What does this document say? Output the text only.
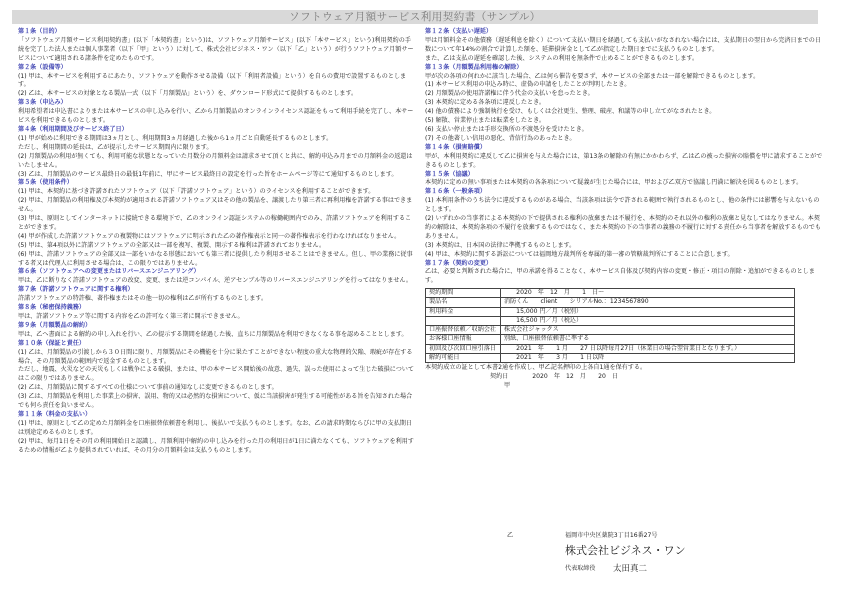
ソフトウェア月額サービス利用契約書（サンプル）
第１条（目的）
「ソフトウェア月額サービス利用契約書」(以下「本契約書」という)は、ソフトウェア月額サービス」(以下「本サービス」という)利用契約の手続を完了した法人または個人事業者（以下「甲」という）に対して、株式会社ビジネス・ワン（以下「乙」という）が行うソフトウェア月額サービスについて適用される諸条件を定めたものです。
第２条（設備等）
(1) 甲は、本サービスを利用するにあたり、ソフトウェアを動作させる設備（以下「利用者設備」という）を自らの費用で設置するものとします。
(2) 乙は、本サービスの対象となる製品一式（以下「月額製品」という）を、ダウンロード形式にて提供するものとします。
第３条（申込み）
利用希望者は申込書によりまたは本サービスの申し込みを行い、乙から月額製品のオンラインライセンス認証をもって利用手続を完了し、本サービスを利用できるものとします。
第４条（利用期間及びサービス終了日）
(1) 甲が始めに利用できる期間は3ヵ月とし、利用期間3ヵ月経過した後から1ヵ月ごと自動延長するものとします。
ただし、利用期間の延長は、乙が提示したサービス期間内に限ります。
(2) 月額製品の利用が無くても、利用可能な状態となっていた月数分の月額料金は請求させて頂くと共に、解約申込み月までの月額料金の返還はいたしません。
(3) 乙は、月額製品のサービス最終日の最低1年前に、甲にサービス最終日の設定を行った旨をホームページ等にて通知するものとします。
第５条（使用条件）
(1) 甲は、本契約に基づき許諾されたソフトウェア（以下「許諾ソフトウェア」という）のライセンスを利用することができます。
(2) 甲は、月額製品の利用権及び本契約が適用される許諾ソフトウェア又はその他の製品を、譲渡したり第三者に再利用権を許諾する事はできません。
(3) 甲は、原則としてインターネットに接続できる環境下で、乙のオンライン認証システムの稼働範囲内でのみ、許諾ソフトウェアを利用することができます。
(4) 甲が作成した許諾ソフトウェアの複製物にはソフトウェアに明示された乙の著作権表示と同一の著作権表示を行わなければなりません。
(5) 甲は、第4項以外に許諾ソフトウェアの全部又は一部を複写、複製、開示する権利は許諾されておりません。
(6) 甲は、許諾ソフトウェアの全部又は一部をいかなる形態においても第三者に提供したり利用させることはできません。但し、甲の業務に従事する者又は代理人に利用させる場合は、この限りではありません。
第６条（ソフトウェアへの変更またはリバースエンジニアリング）
甲は、乙に断りなく許諾ソフトウェアの改変、変更、または逆コンパイル、逆アセンブル等のリバースエンジニアリングを行ってはなりません。
第７条（許諾ソフトウェアに関する権利）
許諾ソフトウェアの特許権、著作権またはその他一切の権利は乙が所有するものとします。
第８条（秘密保持義務）
甲は、許諾ソフトウェア等に関する内容を乙の許可なく第三者に開示できません。
第９条（月額製品の解約）
甲は、乙へ書面による解約の申し入れを行い、乙の提示する期間を経過した後、直ちに月額製品を利用できなくなる事を認めることとします。
第１０条（保証と責任）
(1) 乙は、月額製品の引渡しから３０日間に限り、月額製品にその機能を十分に果たすことができない程度の重大な物理的欠陥、瑕疵が存在する場合、その月額製品の範囲内で返金するものとします。
ただし、地震、火災などの天災もしくは戦争による破損、または、甲の本サービス開始後の故意、過失、誤った使用によって生じた破損についてはこの限りではありません。
(2) 乙は、月額製品に関するすべての仕様について事前の通知なしに変更できるものとします。
(3) 乙は、月額製品を利用した事業上の損害、誤用、物的又は必然的な損害について、仮に当該損害が発生する可能性がある旨を告知された場合でも何ら責任を負いません。
第１１条（料金の支払い）
(1) 甲は、原則として乙の定めた月額料金を口座振替依頼書を利用し、後払いで支払うものとします。なお、乙の請求時期ならびに甲の支払期日は別途定めるものとします。
(2) 甲は、毎月1日をその月の利用開始日と認識し、月額利用中解約の申し込みを行った月の利用日が1日に満たなくても、ソフトウェアを利用するための情報が乙より提供されていれば、その月分の月額料金は支払うものとします。
第１２条（支払い遅延）
甲は月額料金その他債務（遅延利息を除く）について支払い期日を経過しても支払いがなされない場合には、支払期日の翌日から完済日までの日数について年14%の割合で計算した額を、延滞損害金として乙が指定した期日までに支払うものとします。
また、乙は支払の遅延を確認した後、システムの利用を無条件で止めることができるものとします。
第１３条（月額製品利用権の解除）
甲が次の各項の何れかに該当した場合、乙は何ら催告を要さず、本サービスの全部または一部を解除できるものとします。
(1) 本サービス利用の申込み時に、虚偽の申請をしたことが判明したとき。
(2) 月額製品の使用許諾権に伴う代金の支払いを怠ったとき。
(3) 本契約に定める各条項に違反したとき。
(4) 他の債務により強制執行を受け、もしくは会社更生、整理、破産、和議等の申し立てがなされたとき。
(5) 解散、営業停止または転業をしたとき。
(6) 支払い停止または手形交換所の不渡処分を受けたとき。
(7) その他著しい信用の悪化、背信行為のあったとき。
第１４条（損害賠償）
甲が、本利用契約に違反して乙に損害を与えた場合には、第13条の解除の有無にかかわらず、乙は乙の被った損害の賠償を甲に請求することができるものとします。
第１５条（協議）
本契約に定めの無い事項または本契約の各条項について疑義が生じた場合には、甲および乙双方で協議し円満に解決を図るものとします。
第１６条（一般条項）
(1) 本利用条件のうち法令に違反するものがある場合、当該条項は法令で許される範囲で執行されるものとし、他の条件には影響を与えないものとします。
(2) いずれかの当事者による本契約の下で提供される権利の放棄または不履行を、本契約のそれ以外の権利の放棄と見なしてはなりません。本契約の解除は、本契約条項の不履行を放棄するものではなく、また本契約の下の当事者の義務の不履行に対する責任から当事者を解放するものでもありません。
(3) 本契約は、日本国の法律に準拠するものとします。
(4) 甲は、本契約に関する訴訟については福岡地方裁判所を専属的第一審の管轄裁判所にすることに合意します。
第１７条（契約の変更）
乙は、必要と判断された場合に、甲の承諾を得ることなく、本サービス自体及び契約内容の変更・修正・項目の削除・追加ができるものとします。
契約期間	　　2020　年　12　月　　1　日～
製品名	消防くん　　client　　シリアルNo.：1234567890
利用料金	　　15,000 円／月（税別）
	　　16,500 円／月（税込）
口座振替依頼／収納会社	株式会社ジャックス
お客様口座情報	別紙、口座振替依頼書に準ずる
初回及び次回口座引落日	　　2021　年　　1 月　　27 日以降毎月27日（休業日の場合翌営業日となります。）
解約可能日	　　2021　年　　3 月　　1 日以降
本契約成立の証として本書2通を作成し、甲乙記名押印の上各自1通を保有する。
契約日	2020　年　12　月　　20　日
甲
乙	福岡市中央区薬院3丁目16番27号
株式会社ビジネス・ワン
代表取締役 太田真二
